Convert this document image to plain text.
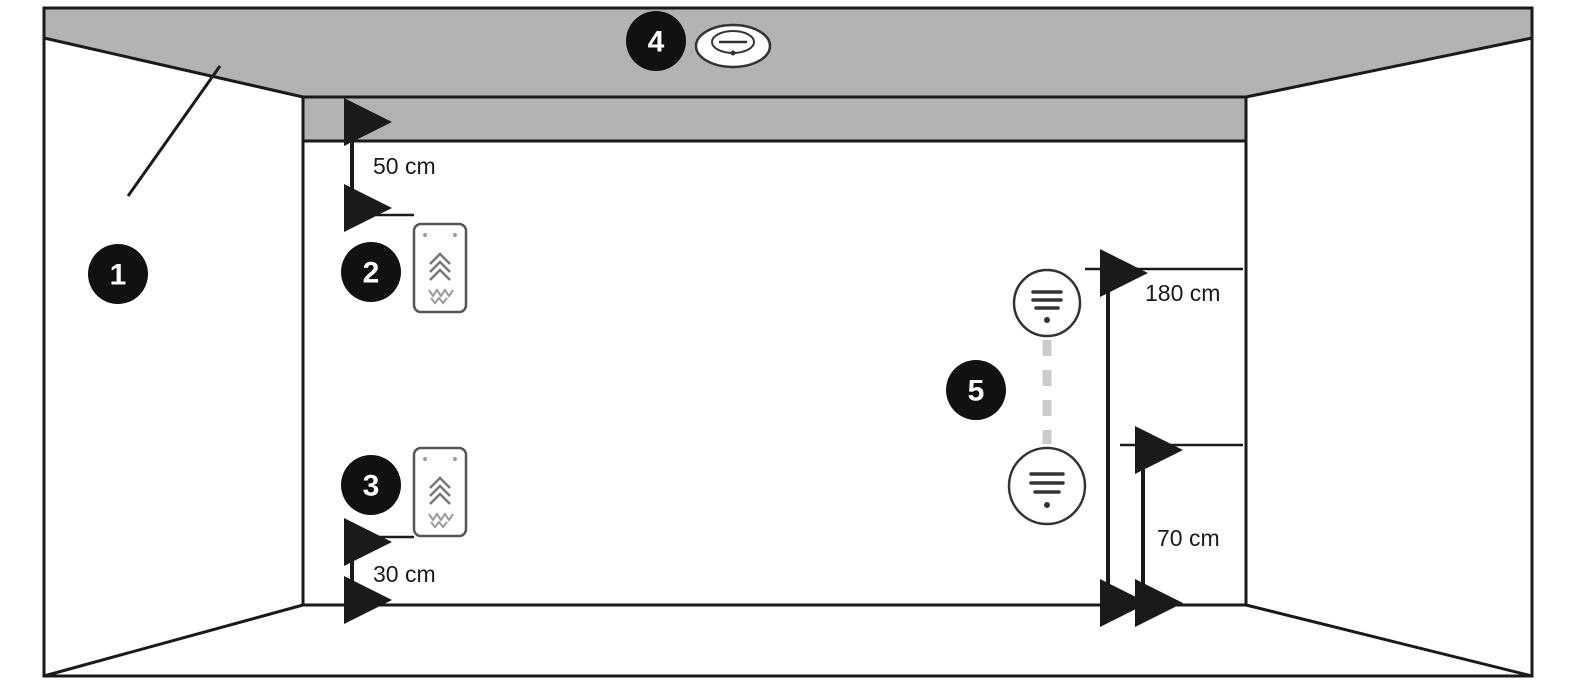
50 cm
30 cm
180 cm
70 cm
1	2
3
4
5
